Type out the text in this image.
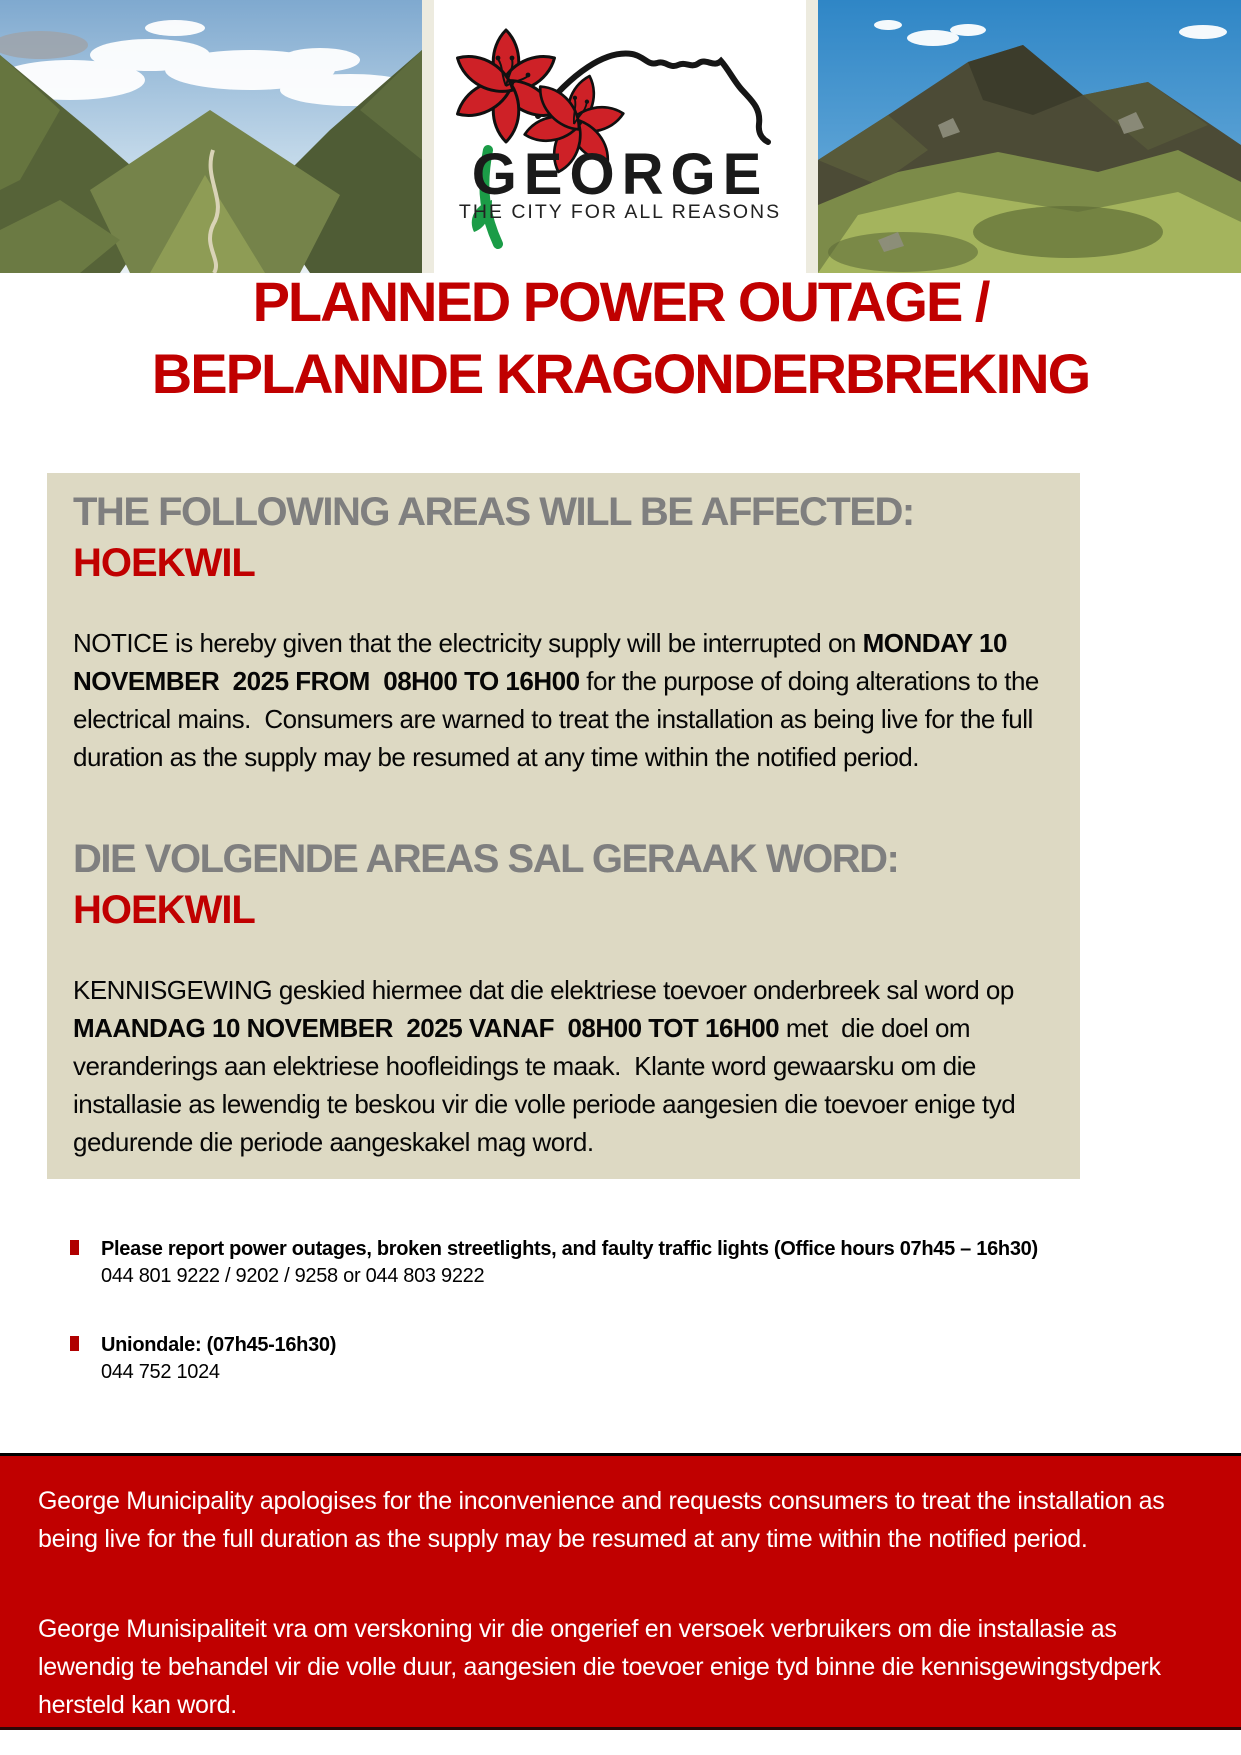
GEORGE
THE CITY FOR ALL REASONS
PLANNED POWER OUTAGE /
BEPLANNDE KRAGONDERBREKING

THE FOLLOWING AREAS WILL BE AFFECTED:

HOEKWIL

NOTICE is hereby given that the electricity supply will be interrupted on MONDAY 10 NOVEMBER  2025 FROM  08H00 TO 16H00 for the purpose of doing alterations to the electrical mains.  Consumers are warned to treat the installation as being live for the full duration as the supply may be resumed at any time within the notified period.

DIE VOLGENDE AREAS SAL GERAAK WORD:

HOEKWIL

KENNISGEWING geskied hiermee dat die elektriese toevoer onderbreek sal word op MAANDAG 10 NOVEMBER  2025 VANAF  08H00 TOT 16H00 met  die doel om veranderings aan elektriese hoofleidings te maak.  Klante word gewaarsku om die installasie as lewendig te beskou vir die volle periode aangesien die toevoer enige tyd gedurende die periode aangeskakel mag word.

Please report power outages, broken streetlights, and faulty traffic lights (Office hours 07h45 – 16h30)
044 801 9222 / 9202 / 9258 or 044 803 9222
Uniondale: (07h45-16h30)
044 752 1024

George Municipality apologises for the inconvenience and requests consumers to treat the installation as being live for the full duration as the supply may be resumed at any time within the notified period.

George Munisipaliteit vra om verskoning vir die ongerief en versoek verbruikers om die installasie as lewendig te behandel vir die volle duur, aangesien die toevoer enige tyd binne die kennisgewingstydperk hersteld kan word.
